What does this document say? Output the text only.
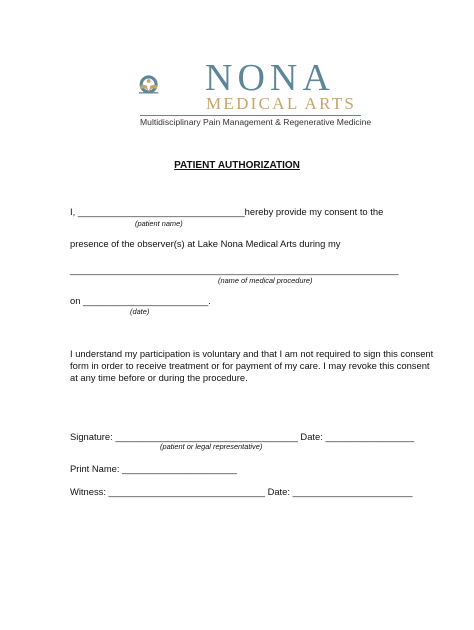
NONA
MEDICAL ARTS
Multidisciplinary Pain Management & Regenerative Medicine
PATIENT AUTHORIZATION
I, ________________________________hereby provide my consent to the
(patient name)
presence of the observer(s) at Lake Nona Medical Arts during my
_______________________________________________________________
(name of medical procedure)
on ________________________.
(date)
I understand my participation is voluntary and that I am not required to sign this consent
form in order to receive treatment or for payment of my care. I may revoke this consent
at any time before or during the procedure.
Signature: ___________________________________ Date: _________________
(patient or legal representative)
Print Name: ______________________
Witness: ______________________________ Date: _______________________
